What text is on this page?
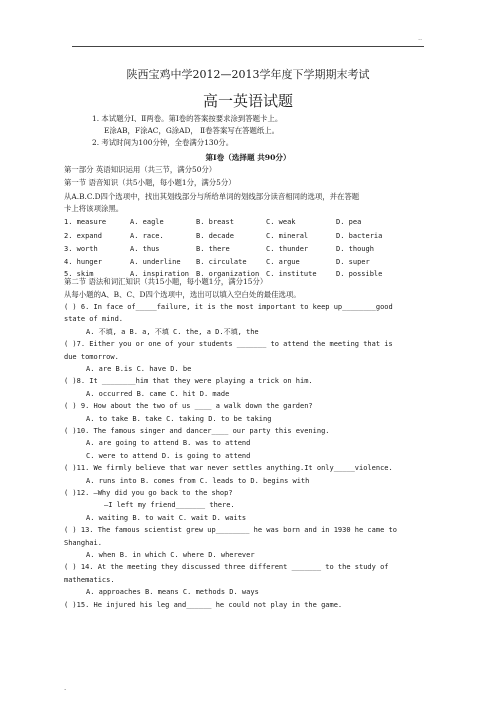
..
陕西宝鸡中学2012—2013学年度下学期期末考试
高一英语试题
1. 本试题分Ⅰ、Ⅱ两卷。第Ⅰ卷的答案按要求涂到答题卡上。
E涂AB，F涂AC，G涂AD， Ⅱ卷答案写在答题纸上。
2. 考试时间为100分钟，全卷满分130分。
第Ⅰ卷（选择题 共90分）
第一部分 英语知识运用（共三节，满分50分）
第一节 语音知识（共5小题，每小题1分，满分5分）
从A.B.C.D四个选项中，找出其划线部分与所给单词的划线部分读音相同的选项，并在答题
卡上将该项涂黑。
1. measure	A. eagle	B. breast	C. weak	D. pea
2. expand	A. race.	B. decade	C. mineral	D. bacteria
3. worth	A. thus	B. there	C. thunder	D. though
4. hunger	A. underline B. circulate	C. argue	D. super
5. skim	A. inspiration B. organization C. institute	D. possible
第二节 语法和词汇知识（共15小题，每小题1分，满分15分）
从每小题的A、B、C、D四个选项中，选出可以填入空白处的最佳选项。
( ) 6. In face of_____failure, it is the most important to keep up________good
state of mind.
A. 不填, a B. a, 不填 C. the, a D.不填, the
( )7. Either you or one of your students _______ to attend the meeting that is
due tomorrow.
A. are B.is C. have D. be
( )8. It ________him that they were playing a trick on him.
A. occurred B. came C. hit D. made
( ) 9. How about the two of us ____ a walk down the garden?
A. to take B. take C. taking D. to be taking
( )10. The famous singer and dancer____ our party this evening.
A. are going to attend B. was to attend
C. were to attend D. is going to attend
( )11. We firmly believe that war never settles anything.It only_____violence.
A. runs into B. comes from C. leads to D. begins with
( )12. —Why did you go back to the shop?
—I left my friend_______ there.
A. waiting B. to wait C. wait D. waits
( ) 13. The famous scientist grew up________ he was born and in 1930 he came to
Shanghai.
A. when B. in which C. where D. wherever
( ) 14. At the meeting they discussed three different _______ to the study of
mathematics.
A. approaches B. means C. methods D. ways
( )15. He injured his leg and______ he could not play in the game.
.
